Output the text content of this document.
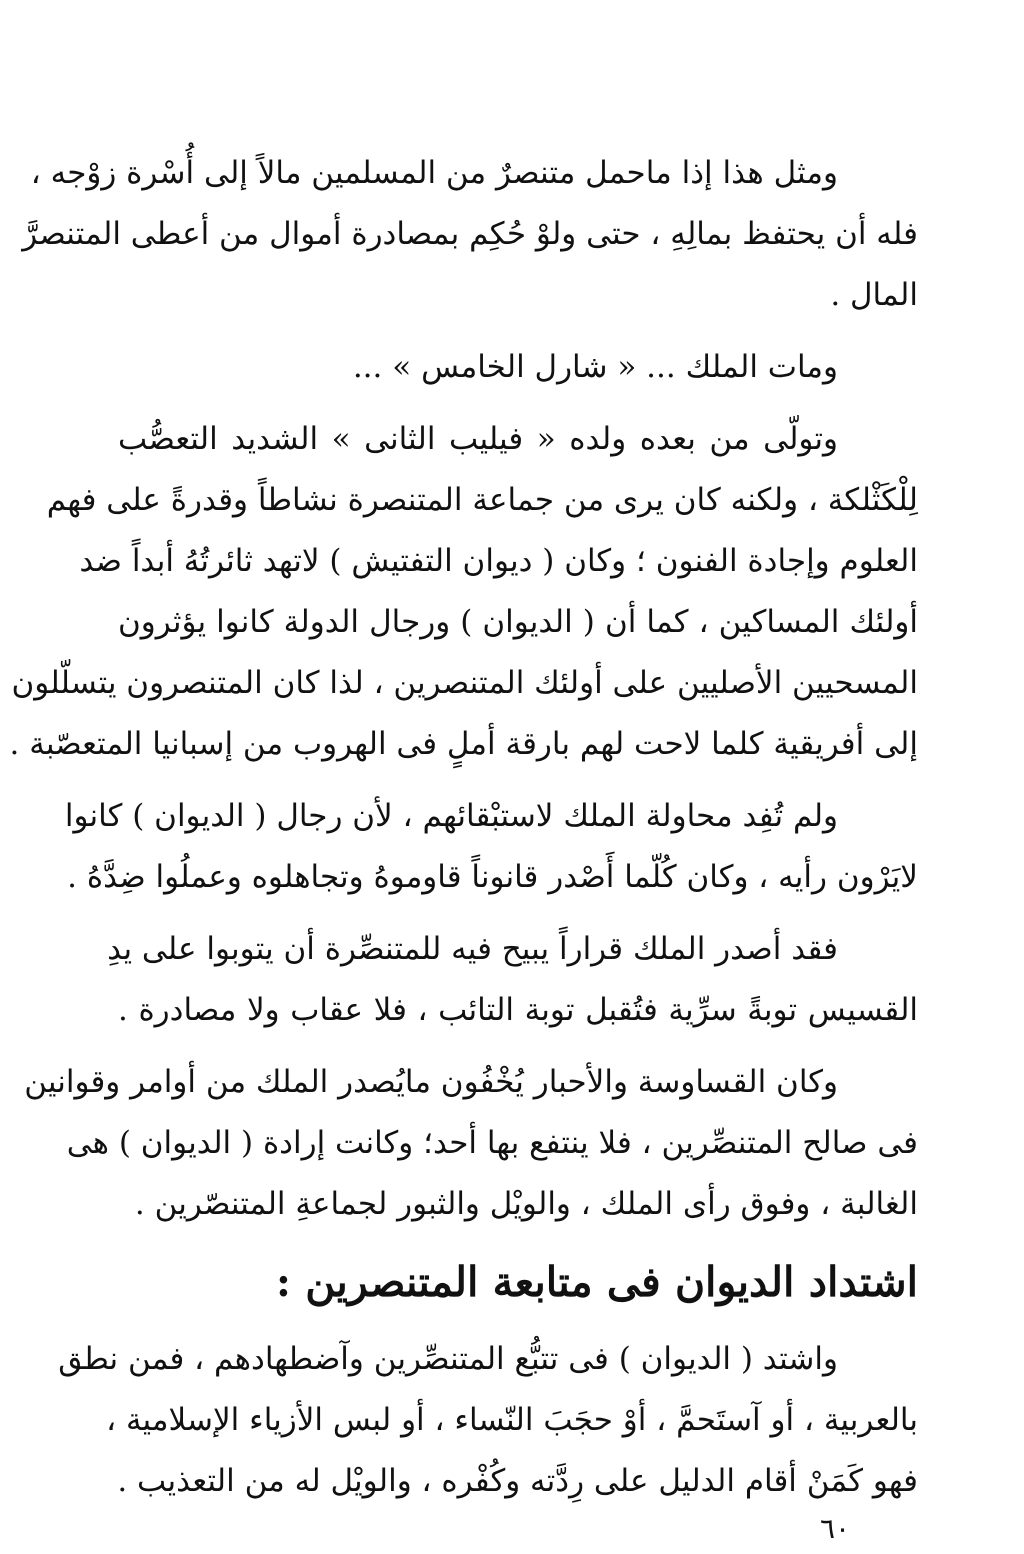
ومثل هذا إذا ماحمل متنصرٌ من المسلمين مالاً إلى أُسْرة زوْجه ،
فله أن يحتفظ بمالِهِ ، حتى ولوْ حُكِم بمصادرة أموال من أعطى المتنصرَّ
المال .
ومات الملك ... « شارل الخامس » ...
وتولّى من بعده ولده « فيليب الثانى » الشديد التعصُّب
لِلْكَثْلكة ، ولكنه كان يرى من جماعة المتنصرة نشاطاً وقدرةً على فهم
العلوم وإجادة الفنون ؛ وكان ( ديوان التفتيش ) لاتهد ثائرتُهُ أبداً ضد
أولئك المساكين ، كما أن ( الديوان ) ورجال الدولة كانوا يؤثرون
المسحيين الأصليين على أولئك المتنصرين ، لذا كان المتنصرون يتسلّلون
إلى أفريقية كلما لاحت لهم بارقة أملٍ فى الهروب من إسبانيا المتعصّبة .
ولم تُفِد محاولة الملك لاستبْقائهم ، لأن رجال ( الديوان ) كانوا
لايَرْون رأيه ، وكان كُلّما أَصْدر قانوناً قاوموهُ وتجاهلوه وعملُوا ضِدَّهُ .
فقد أصدر الملك قراراً يبيح فيه للمتنصِّرة أن يتوبوا على يدِ
القسيس توبةً سرِّية فتُقبل توبة التائب ، فلا عقاب ولا مصادرة .
وكان القساوسة والأحبار يُخْفُون مايُصدر الملك من أوامر وقوانين
فى صالح المتنصِّرين ، فلا ينتفع بها أحد؛ وكانت إرادة ( الديوان ) هى
الغالبة ، وفوق رأى الملك ، والويْل والثبور لجماعةِ المتنصّرين .
اشتداد الديوان فى متابعة المتنصرين :
واشتد ( الديوان ) فى تتبُّع المتنصِّرين وآضطهادهم ، فمن نطق
بالعربية ، أو آستَحمَّ ، أوْ حجَبَ النّساء ، أو لبس الأزياء الإسلامية ،
فهو كَمَنْ أقام الدليل على رِدَّته وكُفْره ، والويْل له من التعذيب .
٦٠
